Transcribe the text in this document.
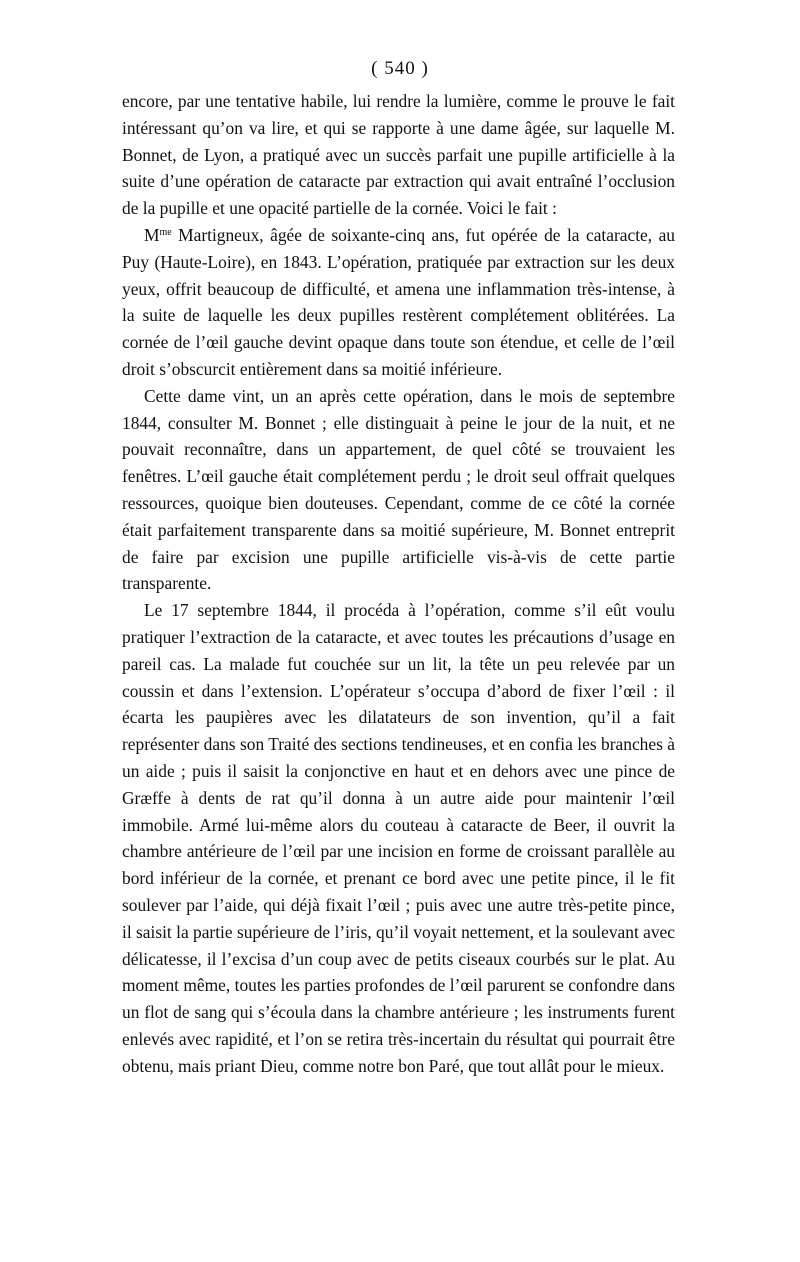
( 540 )

encore, par une tentative habile, lui rendre la lumière, comme le prouve le fait intéressant qu’on va lire, et qui se rapporte à une dame âgée, sur laquelle M. Bonnet, de Lyon, a pratiqué avec un succès parfait une pupille artificielle à la suite d’une opération de cataracte par extraction qui avait entraîné l’occlusion de la pupille et une opacité partielle de la cornée. Voici le fait :

$M^{me}$ Martigneux, âgée de soixante-cinq ans, fut opérée de la cataracte, au Puy (Haute-Loire), en 1843. L’opération, pratiquée par extraction sur les deux yeux, offrit beaucoup de difficulté, et amena une inflammation très-intense, à la suite de laquelle les deux pupilles restèrent complétement oblitérées. La cornée de l’œil gauche devint opaque dans toute son étendue, et celle de l’œil droit s’obscurcit entièrement dans sa moitié inférieure.

Cette dame vint, un an après cette opération, dans le mois de septembre 1844, consulter M. Bonnet ; elle distinguait à peine le jour de la nuit, et ne pouvait reconnaître, dans un appartement, de quel côté se trouvaient les fenêtres. L’œil gauche était complétement perdu ; le droit seul offrait quelques ressources, quoique bien douteuses. Cependant, comme de ce côté la cornée était parfaitement transparente dans sa moitié supérieure, M. Bonnet entreprit de faire par excision une pupille artificielle vis-à-vis de cette partie transparente.

Le 17 septembre 1844, il procéda à l’opération, comme s’il eût voulu pratiquer l’extraction de la cataracte, et avec toutes les précautions d’usage en pareil cas. La malade fut couchée sur un lit, la tête un peu relevée par un coussin et dans l’extension. L’opérateur s’occupa d’abord de fixer l’œil : il écarta les paupières avec les dilatateurs de son invention, qu’il a fait représenter dans son Traité des sections tendineuses, et en confia les branches à un aide ; puis il saisit la conjonctive en haut et en dehors avec une pince de Græffe à dents de rat qu’il donna à un autre aide pour maintenir l’œil immobile. Armé lui-même alors du couteau à cataracte de Beer, il ouvrit la chambre antérieure de l’œil par une incision en forme de croissant parallèle au bord inférieur de la cornée, et prenant ce bord avec une petite pince, il le fit soulever par l’aide, qui déjà fixait l’œil ; puis avec une autre très-petite pince, il saisit la partie supérieure de l’iris, qu’il voyait nettement, et la soulevant avec délicatesse, il l’excisa d’un coup avec de petits ciseaux courbés sur le plat. Au moment même, toutes les parties profondes de l’œil parurent se confondre dans un flot de sang qui s’écoula dans la chambre antérieure ; les instruments furent enlevés avec rapidité, et l’on se retira très-incertain du résultat qui pourrait être obtenu, mais priant Dieu, comme notre bon Paré, que tout allât pour le mieux.
